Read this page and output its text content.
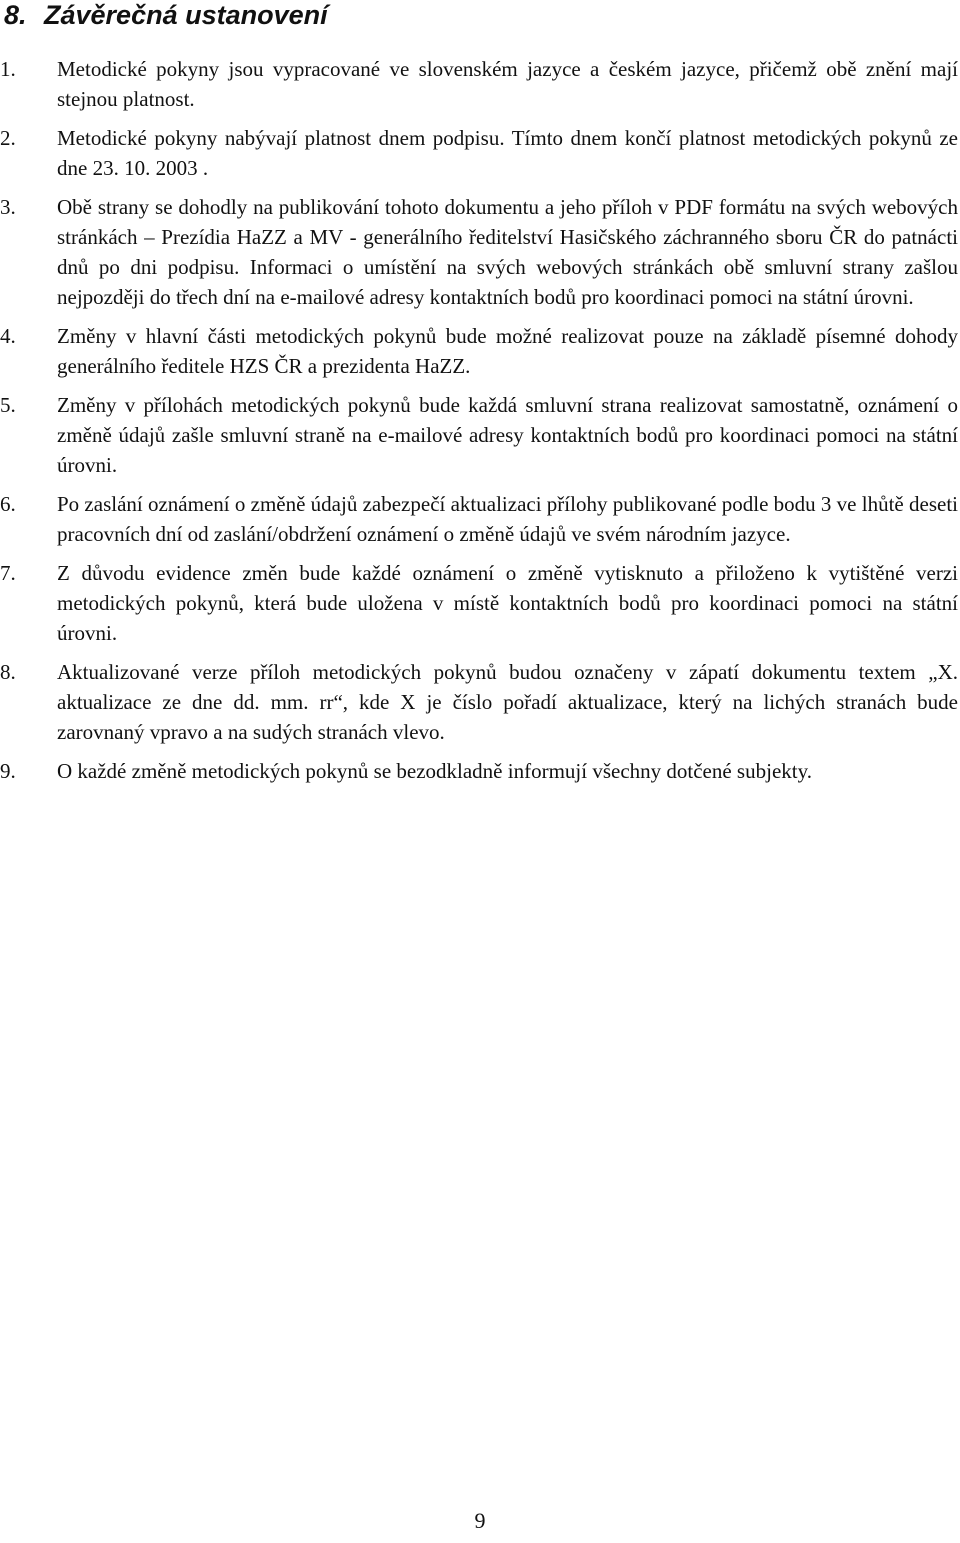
8. Závěrečná ustanovení
1. Metodické pokyny jsou vypracované ve slovenském jazyce a českém jazyce, přičemž obě znění mají stejnou platnost.
2. Metodické pokyny nabývají platnost dnem podpisu. Tímto dnem končí platnost metodických pokynů ze dne 23. 10. 2003 .
3. Obě strany se dohodly na publikování tohoto dokumentu a jeho příloh v PDF formátu na svých webových stránkách – Prezídia HaZZ a MV - generálního ředitelství Hasičského záchranného sboru ČR do patnácti dnů po dni podpisu. Informaci o umístění na svých webových stránkách obě smluvní strany zašlou nejpozději do třech dní na e-mailové adresy kontaktních bodů pro koordinaci pomoci na státní úrovni.
4. Změny v hlavní části metodických pokynů bude možné realizovat pouze na základě písemné dohody generálního ředitele HZS ČR a prezidenta HaZZ.
5. Změny v přílohách metodických pokynů bude každá smluvní strana realizovat samostatně, oznámení o změně údajů zašle smluvní straně na e-mailové adresy kontaktních bodů pro koordinaci pomoci na státní úrovni.
6. Po zaslání oznámení o změně údajů zabezpečí aktualizaci přílohy publikované podle bodu 3 ve lhůtě deseti pracovních dní od zaslání/obdržení oznámení o změně údajů ve svém národním jazyce.
7. Z důvodu evidence změn bude každé oznámení o změně vytisknuto a přiloženo k vytištěné verzi metodických pokynů, která bude uložena v místě kontaktních bodů pro koordinaci pomoci na státní úrovni.
8. Aktualizované verze příloh metodických pokynů budou označeny v zápatí dokumentu textem „X. aktualizace ze dne dd. mm. rr“, kde X je číslo pořadí aktualizace, který na lichých stranách bude zarovnaný vpravo a na sudých stranách vlevo.
9. O každé změně metodických pokynů se bezodkladně informují všechny dotčené subjekty.
9
